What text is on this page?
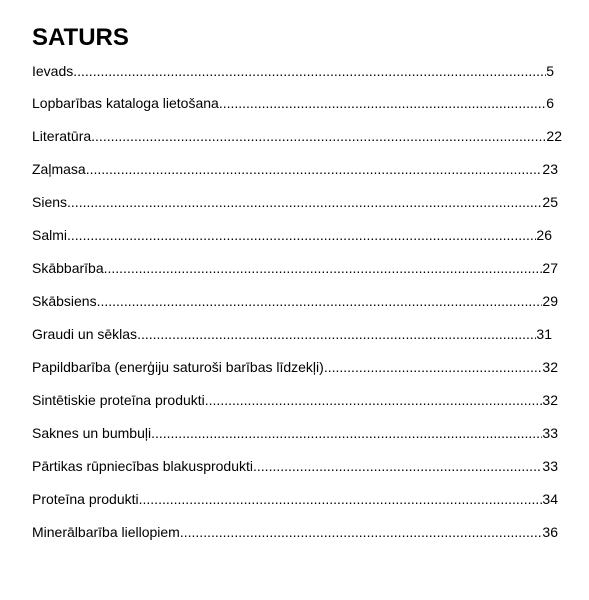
SATURS
Ievads .....	5
Lopbarības kataloga lietošana .....	6
Literatūra .....	22
Zaļmasa .....	23
Siens .....	25
Salmi .....	26
Skābbarība .....	27
Skābsiens .....	29
Graudi un sēklas .....	31
Papildbarība (enerģiju saturoši barības līdzekļi) .....	32
Sintētiskie proteīna produkti .....	32
Saknes un bumbuļi .....	33
Pārtikas rūpniecības blakusprodukti .....	33
Proteīna produkti .....	34
Minerālbarība liellopiem .....	36
